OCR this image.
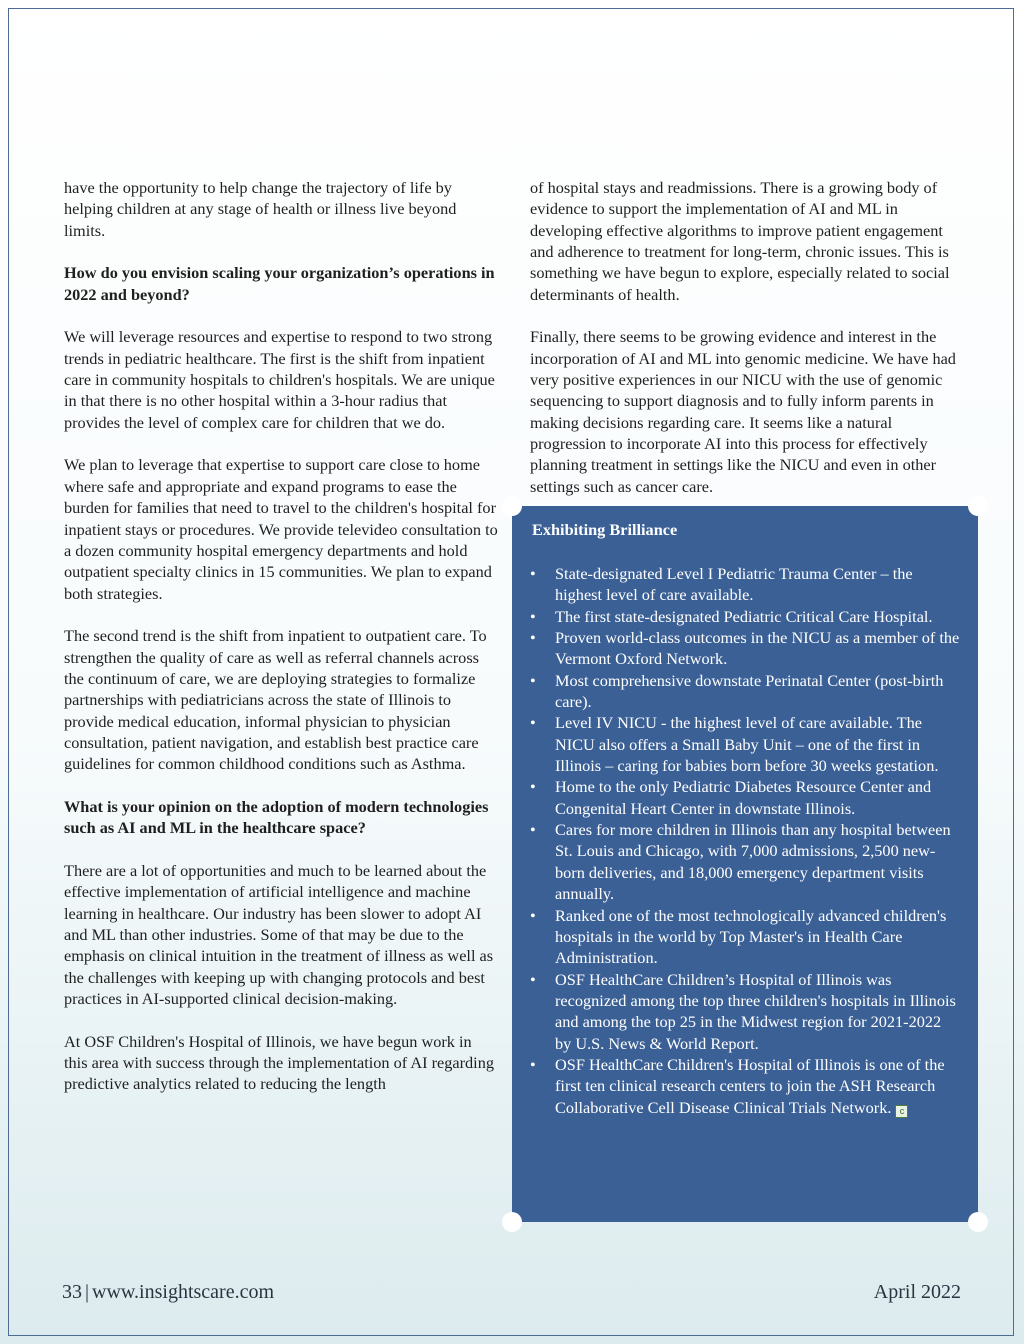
have the opportunity to help change the trajectory of life by helping children at any stage of health or illness live beyond limits.

How do you envision scaling your organization’s operations in 2022 and beyond?

We will leverage resources and expertise to respond to two strong trends in pediatric healthcare. The first is the shift from inpatient care in community hospitals to children's hospitals. We are unique in that there is no other hospital within a 3-hour radius that provides the level of complex care for children that we do.

We plan to leverage that expertise to support care close to home where safe and appropriate and expand programs to ease the burden for families that need to travel to the children's hospital for inpatient stays or procedures. We provide televideo consultation to a dozen community hospital emergency departments and hold outpatient specialty clinics in 15 communities. We plan to expand both strategies.

The second trend is the shift from inpatient to outpatient care. To strengthen the quality of care as well as referral channels across the continuum of care, we are deploying strategies to formalize partnerships with pediatricians across the state of Illinois to provide medical education, informal physician to physician consultation, patient navigation, and establish best practice care guidelines for common childhood conditions such as Asthma.

What is your opinion on the adoption of modern technologies such as AI and ML in the healthcare space?

There are a lot of opportunities and much to be learned about the effective implementation of artificial intelligence and machine learning in healthcare. Our industry has been slower to adopt AI and ML than other industries. Some of that may be due to the emphasis on clinical intuition in the treatment of illness as well as the challenges with keeping up with changing protocols and best practices in AI-supported clinical decision-making.

At OSF Children's Hospital of Illinois, we have begun work in this area with success through the implementation of AI regarding predictive analytics related to reducing the length

of hospital stays and readmissions. There is a growing body of evidence to support the implementation of AI and ML in developing effective algorithms to improve patient engagement and adherence to treatment for long-term, chronic issues. This is something we have begun to explore, especially related to social determinants of health.

Finally, there seems to be growing evidence and interest in the incorporation of AI and ML into genomic medicine. We have had very positive experiences in our NICU with the use of genomic sequencing to support diagnosis and to fully inform parents in making decisions regarding care. It seems like a natural progression to incorporate AI into this process for effectively planning treatment in settings like the NICU and even in other settings such as cancer care.

Exhibiting Brilliance
• State-designated Level I Pediatric Trauma Center – the highest level of care available.
• The first state-designated Pediatric Critical Care Hospital.
• Proven world-class outcomes in the NICU as a member of the Vermont Oxford Network.
• Most comprehensive downstate Perinatal Center (post-birth care).
• Level IV NICU - the highest level of care available. The NICU also offers a Small Baby Unit – one of the first in Illinois – caring for babies born before 30 weeks gestation.
• Home to the only Pediatric Diabetes Resource Center and Congenital Heart Center in downstate Illinois.
• Cares for more children in Illinois than any hospital between St. Louis and Chicago, with 7,000 admissions, 2,500 new-born deliveries, and 18,000 emergency department visits annually.
• Ranked one of the most technologically advanced children's hospitals in the world by Top Master's in Health Care Administration.
• OSF HealthCare Children’s Hospital of Illinois was recognized among the top three children's hospitals in Illinois and among the top 25 in the Midwest region for 2021-2022 by U.S. News & World Report.
• OSF HealthCare Children's Hospital of Illinois is one of the first ten clinical research centers to join the ASH Research Collaborative Cell Disease Clinical Trials Network. c
33 | www.insightscare.com	April 2022
